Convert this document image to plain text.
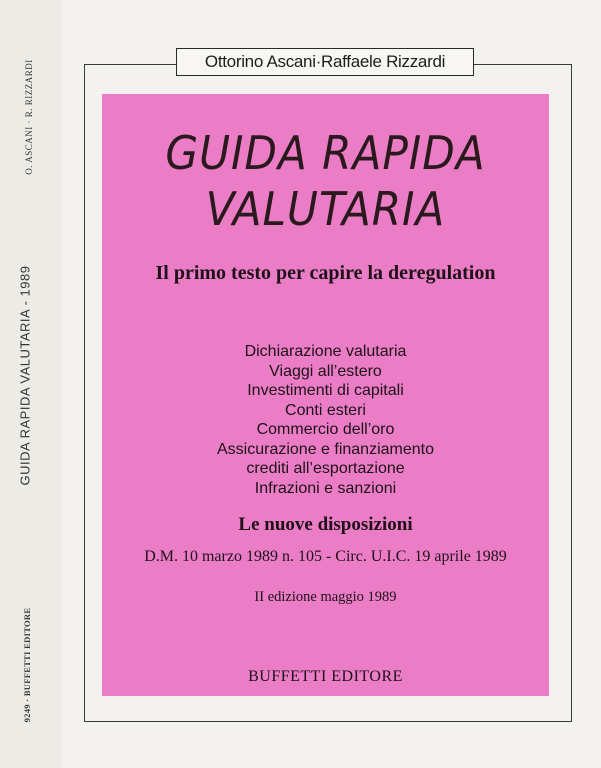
O. ASCANI · R. RIZZARDI
GUIDA RAPIDA VALUTARIA - 1989
9249 · BUFFETTI EDITORE
Ottorino Ascani·Raffaele Rizzardi
GUIDA RAPIDA
VALUTARIA
Il primo testo per capire la deregulation
Dichiarazione valutaria
Viaggi all’estero
Investimenti di capitali
Conti esteri
Commercio dell’oro
Assicurazione e finanziamento
crediti all’esportazione
Infrazioni e sanzioni
Le nuove disposizioni
D.M. 10 marzo 1989 n. 105 - Circ. U.I.C. 19 aprile 1989
II edizione maggio 1989
BUFFETTI EDITORE
